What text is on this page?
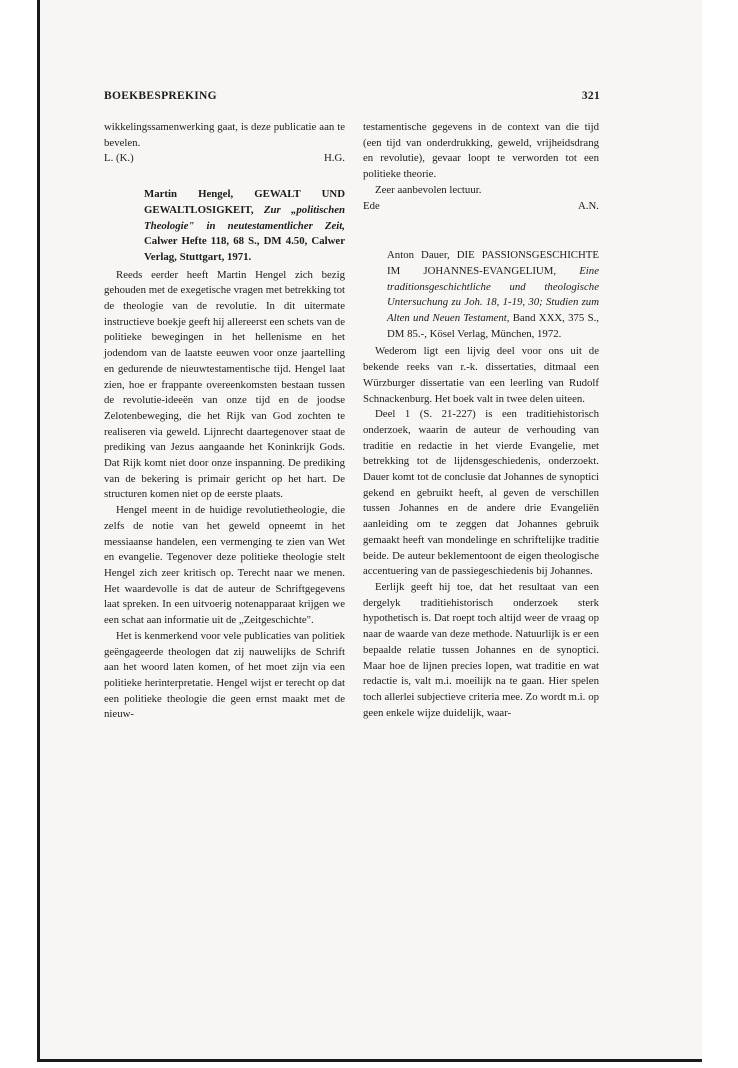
BOEKBESPREKING	321

wikkelingssamenwerking gaat, is deze publicatie aan te bevelen.

L. (K.)	H.G.

Martin Hengel, GEWALT UND GEWALTLOSIGKEIT, Zur „politischen Theologie" in neutestamentlicher Zeit, Calwer Hefte 118, 68 S., DM 4.50, Calwer Verlag, Stuttgart, 1971.

Reeds eerder heeft Martin Hengel zich bezig gehouden met de exegetische vragen met betrekking tot de theologie van de revolutie. In dit uitermate instructieve boekje geeft hij allereerst een schets van de politieke bewegingen in het hellenisme en het jodendom van de laatste eeuwen voor onze jaartelling en gedurende de nieuwtestamentische tijd. Hengel laat zien, hoe er frappante overeenkomsten bestaan tussen de revolutie-ideeën van onze tijd en de joodse Zelotenbeweging, die het Rijk van God zochten te realiseren via geweld. Lijnrecht daartegenover staat de prediking van Jezus aangaande het Koninkrijk Gods. Dat Rijk komt niet door onze inspanning. De prediking van de bekering is primair gericht op het hart. De structuren komen niet op de eerste plaats.

Hengel meent in de huidige revolutietheologie, die zelfs de notie van het geweld opneemt in het messiaanse handelen, een vermenging te zien van Wet en evangelie. Tegenover deze politieke theologie stelt Hengel zich zeer kritisch op. Terecht naar we menen. Het waardevolle is dat de auteur de Schriftgegevens laat spreken. In een uitvoerig notenapparaat krijgen we een schat aan informatie uit de „Zeitgeschichte".

Het is kenmerkend voor vele publicaties van politiek geëngageerde theologen dat zij nauwelijks de Schrift aan het woord laten komen, of het moet zijn via een politieke herinterpretatie. Hengel wijst er terecht op dat een politieke theologie die geen ernst maakt met de nieuw-

testamentische gegevens in de context van die tijd (een tijd van onderdrukking, geweld, vrijheidsdrang en revolutie), gevaar loopt te verworden tot een politieke theorie.

Zeer aanbevolen lectuur.

Ede	A.N.

Anton Dauer, DIE PASSIONSGESCHICHTE IM JOHANNES-EVANGELIUM, Eine traditionsgeschichtliche und theologische Untersuchung zu Joh. 18, 1-19, 30; Studien zum Alten und Neuen Testament, Band XXX, 375 S., DM 85.-, Kösel Verlag, München, 1972.

Wederom ligt een lijvig deel voor ons uit de bekende reeks van r.-k. dissertaties, ditmaal een Würzburger dissertatie van een leerling van Rudolf Schnackenburg. Het boek valt in twee delen uiteen.

Deel 1 (S. 21-227) is een traditiehistorisch onderzoek, waarin de auteur de verhouding van traditie en redactie in het vierde Evangelie, met betrekking tot de lijdensgeschiedenis, onderzoekt. Dauer komt tot de conclusie dat Johannes de synoptici gekend en gebruikt heeft, al geven de verschillen tussen Johannes en de andere drie Evangeliën aanleiding om te zeggen dat Johannes gebruik gemaakt heeft van mondelinge en schriftelijke traditie beide. De auteur beklementoont de eigen theologische accentuering van de passiegeschiedenis bij Johannes.

Eerlijk geeft hij toe, dat het resultaat van een dergelyk traditiehistorisch onderzoek sterk hypothetisch is. Dat roept toch altijd weer de vraag op naar de waarde van deze methode. Natuurlijk is er een bepaalde relatie tussen Johannes en de synoptici. Maar hoe de lijnen precies lopen, wat traditie en wat redactie is, valt m.i. moeilijk na te gaan. Hier spelen toch allerlei subjectieve criteria mee. Zo wordt m.i. op geen enkele wijze duidelijk, waar-
